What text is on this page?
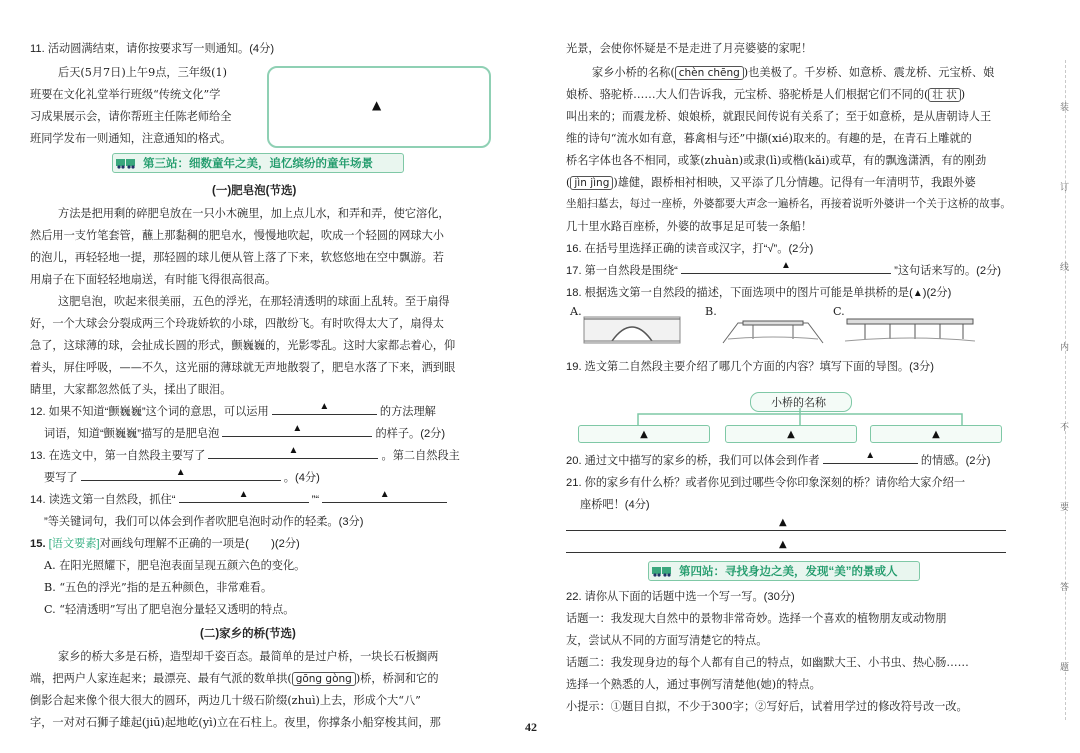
11. 活动圆满结束，请你按要求写一则通知。(4分)
后天(5月7日)上午9点，三年级(1)
班要在文化礼堂举行班级“传统文化”学
习成果展示会，请你帮班主任陈老师给全
班同学发布一则通知，注意通知的格式。
▲
第三站：细数童年之美，追忆缤纷的童年场景
(一)肥皂泡(节选)
方法是把用剩的碎肥皂放在一只小木碗里，加上点儿水，和弄和弄，使它溶化，
然后用一支竹笔套管，蘸上那黏稠的肥皂水，慢慢地吹起，吹成一个轻圆的网球大小
的泡儿，再轻轻地一提，那轻圆的球儿便从管上落了下来，软悠悠地在空中飘游。若
用扇子在下面轻轻地扇送，有时能飞得很高很高。
这肥皂泡，吹起来很美丽，五色的浮光，在那轻清透明的球面上乱转。至于扇得
好，一个大球会分裂成两三个玲珑娇软的小球，四散纷飞。有时吹得太大了，扇得太
急了，这球薄的球，会扯成长圆的形式，颤巍巍的，光影零乱。这时大家都忐着心，仰
着头，屏住呼吸，——不久，这光丽的薄球就无声地散裂了，肥皂水落了下来，洒到眼
睛里，大家都忽然低了头，揉出了眼泪。
12. 如果不知道“颤巍巍”这个词的意思，可以运用	▲	的方法理解
词语，知道“颤巍巍”描写的是肥皂泡	▲	的样子。(2分)
13. 在选文中，第一自然段主要写了	▲	。第二自然段主
要写了	▲	。(4分)
14. 读选文第一自然段，抓住“	▲	”“	▲
”等关键词句，我们可以体会到作者吹肥皂泡时动作的轻柔。(3分)
15. [语文要素]对画线句理解不正确的一项是(　　)(2分)
A. 在阳光照耀下，肥皂泡表面呈现五颜六色的变化。
B. “五色的浮光”指的是五种颜色，非常难看。
C. “轻清透明”写出了肥皂泡分量轻又透明的特点。
(二)家乡的桥(节选)
家乡的桥大多是石桥，造型却千姿百态。最简单的是过户桥，一块长石板搁两
端，把两户人家连起来；最漂亮、最有气派的数单拱( gōng gòng )桥，桥洞和它的
倒影合起来像个很大很大的圆环，两边几十级石阶缀(zhuì)上去，形成个大“八”
字，一对对石狮子雄起(jiū)起地屹(yì)立在石柱上。夜里，你撑条小船穿梭其间，那	42
光景，会使你怀疑是不是走进了月亮婆婆的家呢！
家乡小桥的名称( chèn chēng )也美极了。千岁桥、如意桥、震龙桥、元宝桥、娘
娘桥、骆驼桥……大人们告诉我，元宝桥、骆驼桥是人们根据它们不同的( 壮 状 )
叫出来的；而震龙桥、娘娘桥，就跟民间传说有关系了；至于如意桥，是从唐朝诗人王
维的诗句“流水如有意，暮禽相与还”中撷(xié)取来的。有趣的是，在青石上雕就的
桥名字体也各不相同，或篆(zhuàn)或隶(lì)或楷(kǎi)或草，有的飘逸潇洒，有的刚劲
( jìn jìng )雄健，跟桥相衬相映，又平添了几分情趣。记得有一年清明节，我跟外婆
坐船扫墓去，每过一座桥，外婆都要大声念一遍桥名，再接着说听外婆讲一个关于这桥的故事。
几十里水路百座桥，外婆的故事足足可装一条船！
16. 在括号里选择正确的读音或汉字，打“√”。(2分)
17. 第一自然段是围绕“	▲	”这句话来写的。(2分)
18. 根据选文第一自然段的描述，下面选项中的图片可能是单拱桥的是(▲)(2分)
A.	B.	C.
19. 选文第二自然段主要介绍了哪几个方面的内容？填写下面的导图。(3分)
小桥的名称
▲	▲	▲
20. 通过文中描写的家乡的桥，我们可以体会到作者	▲	的情感。(2分)
21. 你的家乡有什么桥？或者你见到过哪些令你印象深刻的桥？请你给大家介绍一
座桥吧！(4分)
▲
▲
第四站：寻找身边之美，发现“美”的景或人
22. 请你从下面的话题中选一个写一写。(30分)
话题一：我发现大自然中的景物非常奇妙。选择一个喜欢的植物朋友或动物朋
友，尝试从不同的方面写清楚它的特点。
话题二：我发现身边的每个人都有自己的特点，如幽默大王、小书虫、热心肠……
选择一个熟悉的人，通过事例写清楚他(她)的特点。
小提示：①题目自拟，不少于300字；②写好后，试着用学过的修改符号改一改。
装
订
线
内
不
要
答
题
